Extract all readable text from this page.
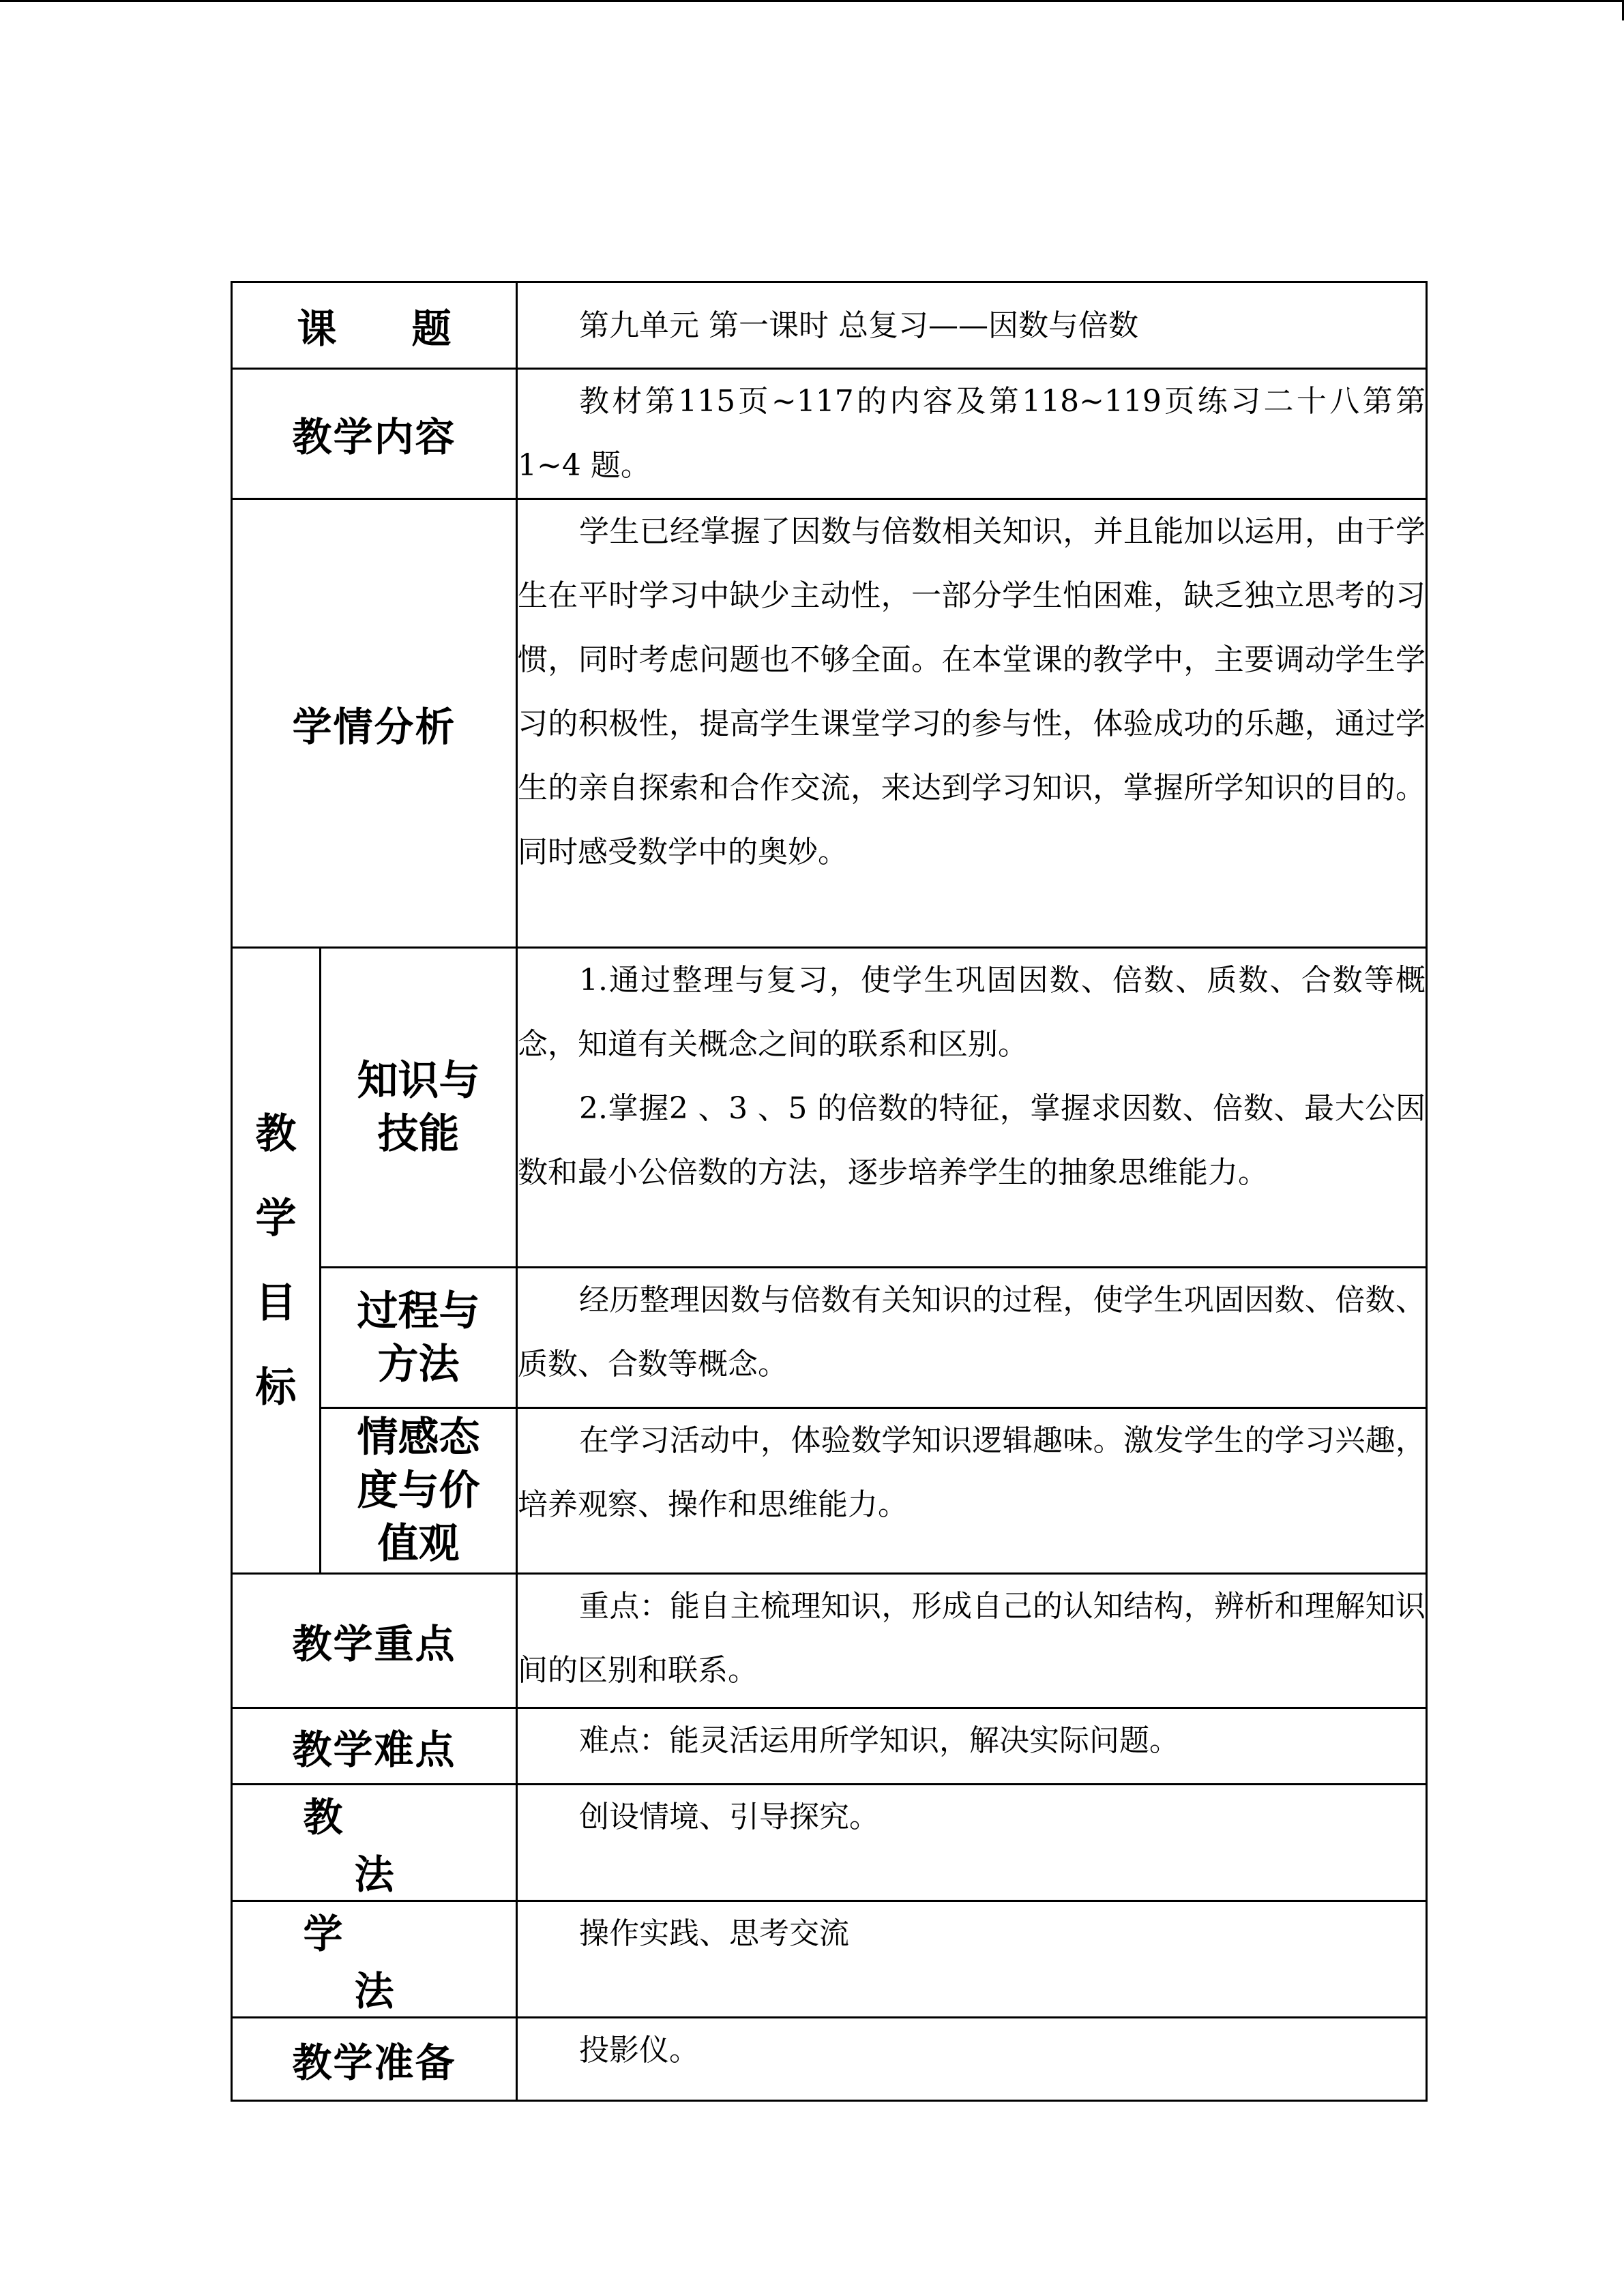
课题		第九单元 第一课时 总复习——因数与倍数

教学内容		教材第115页~117的内容及第118~119页练习二十八第第1~4 题。

学情分析		学生已经掌握了因数与倍数相关知识，并且能加以运用，由于学生在平时学习中缺少主动性，一部分学生怕困难，缺乏独立思考的习惯，同时考虑问题也不够全面。在本堂课的教学中，主要调动学生学习的积极性，提高学生课堂学习的参与性，体验成功的乐趣，通过学生的亲自探索和合作交流，来达到学习知识，掌握所学知识的目的。同时感受数学中的奥妙。

教学目标	知识与技能	1.通过整理与复习，使学生巩固因数、倍数、质数、合数等概念，知道有关概念之间的联系和区别。

2.掌握2 、3 、5 的倍数的特征，掌握求因数、倍数、最大公因数和最小公倍数的方法，逐步培养学生的抽象思维能力。

	过程与方法	经历整理因数与倍数有关知识的过程，使学生巩固因数、倍数、质数、合数等概念。

	情感态度与价值观	在学习活动中，体验数学知识逻辑趣味。激发学生的学习兴趣，培养观察、操作和思维能力。

教学重点		重点：能自主梳理知识，形成自己的认知结构，辨析和理解知识间的区别和联系。

教学难点		难点：能灵活运用所学知识，解决实际问题。

教法		创设情境、引导探究。

学法		操作实践、思考交流

教学准备		投影仪。
